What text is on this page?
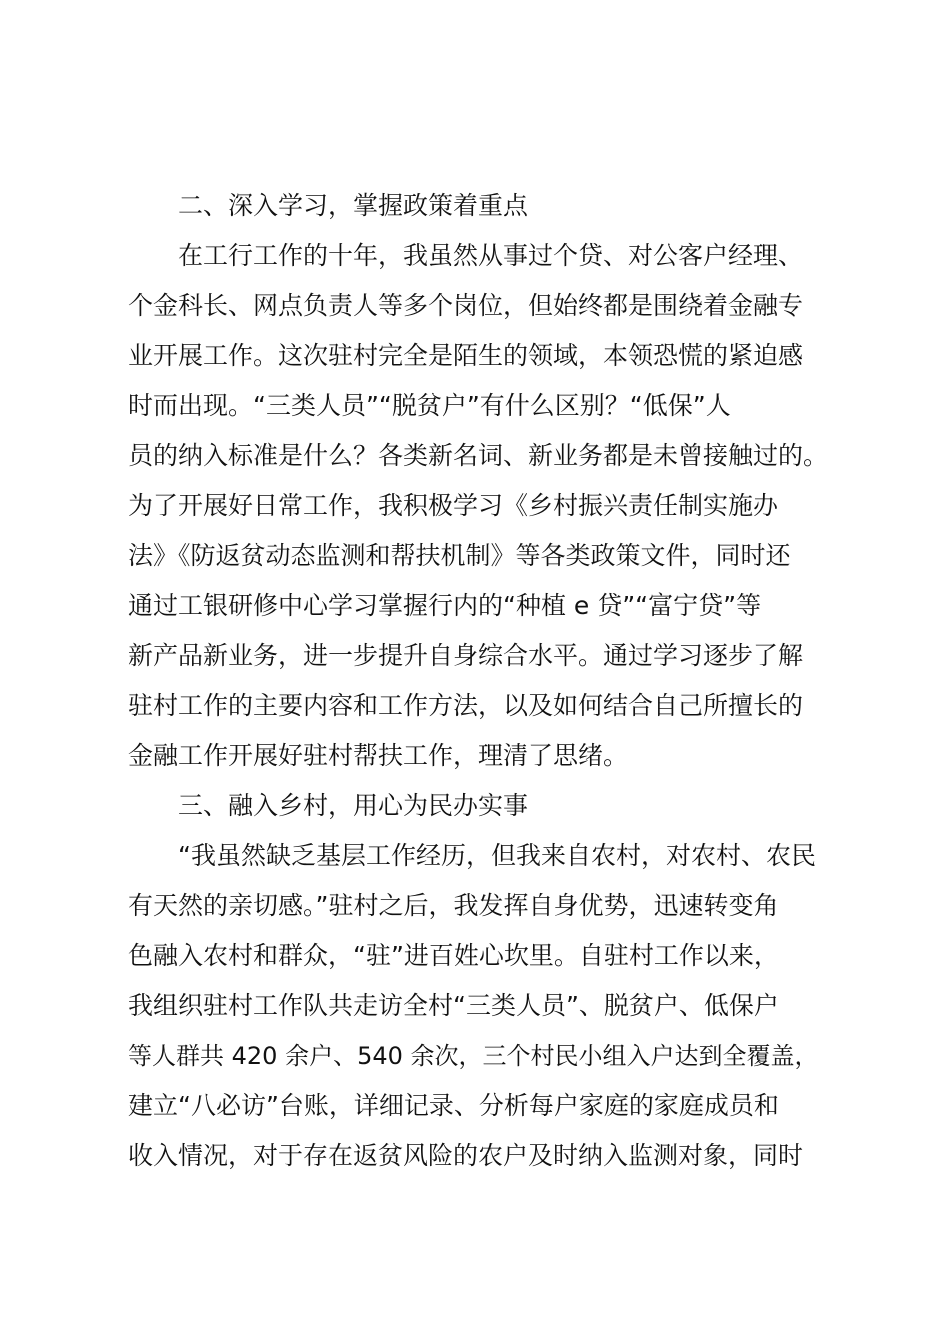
二、深入学习，掌握政策着重点
在工行工作的十年，我虽然从事过个贷、对公客户经理、
个金科长、网点负责人等多个岗位，但始终都是围绕着金融专
业开展工作。这次驻村完全是陌生的领域，本领恐慌的紧迫感
时而出现。“三类人员”“脱贫户”有什么区别？“低保”人
员的纳入标准是什么？各类新名词、新业务都是未曾接触过的。
为了开展好日常工作，我积极学习《乡村振兴责任制实施办
法》《防返贫动态监测和帮扶机制》等各类政策文件，同时还
通过工银研修中心学习掌握行内的“种植 e 贷”“富宁贷”等
新产品新业务，进一步提升自身综合水平。通过学习逐步了解
驻村工作的主要内容和工作方法，以及如何结合自己所擅长的
金融工作开展好驻村帮扶工作，理清了思绪。
三、融入乡村，用心为民办实事
“我虽然缺乏基层工作经历，但我来自农村，对农村、农民
有天然的亲切感。”驻村之后，我发挥自身优势，迅速转变角
色融入农村和群众，“驻”进百姓心坎里。自驻村工作以来，
我组织驻村工作队共走访全村“三类人员”、脱贫户、低保户
等人群共 420 余户、540 余次，三个村民小组入户达到全覆盖，
建立“八必访”台账，详细记录、分析每户家庭的家庭成员和
收入情况，对于存在返贫风险的农户及时纳入监测对象，同时
